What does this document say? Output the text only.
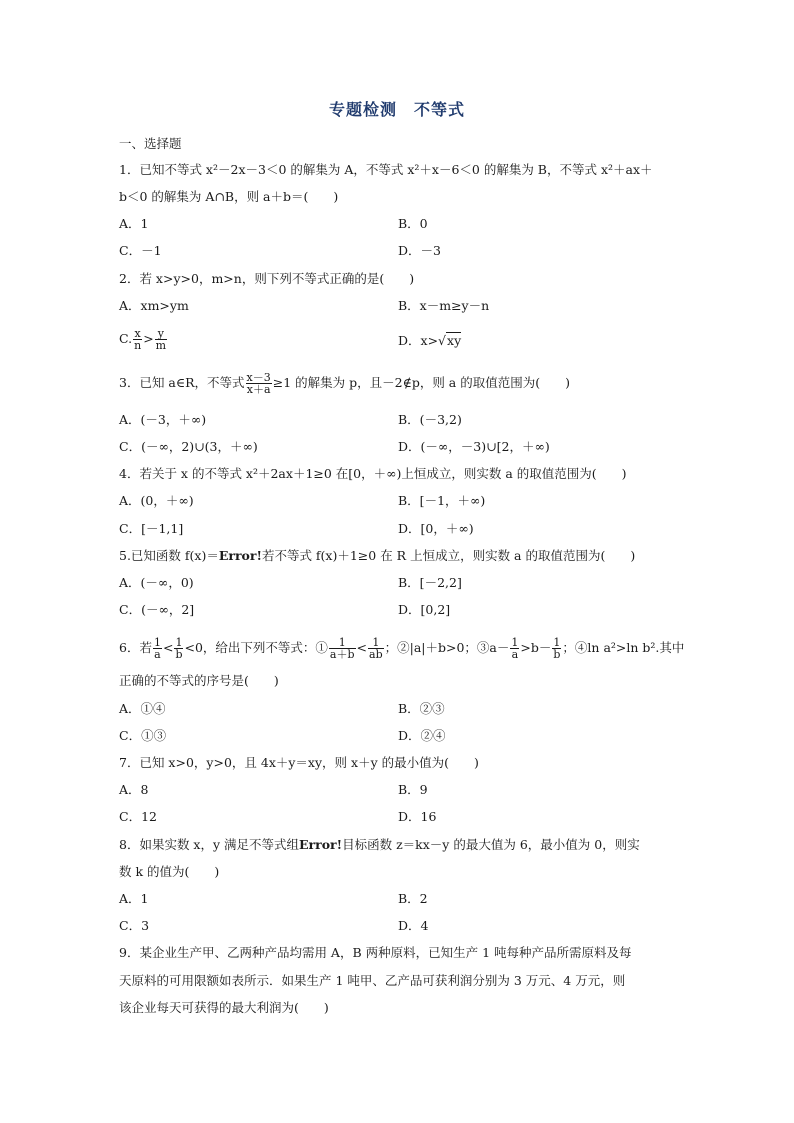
专题检测　不等式
一、选择题
1．已知不等式 x²－2x－3＜0 的解集为 A，不等式 x²＋x－6＜0 的解集为 B，不等式 x²＋ax＋
b＜0 的解集为 A∩B，则 a＋b＝(　　)
A．1	B．0
C．－1	D．－3
2．若 x>y>0，m>n，则下列不等式正确的是(　　)
A．xm>ym	B．x－m≥y－n
C. $\frac{x}{n} > \frac{y}{m}$	D．x>√xy
3．已知 a∈R，不等式 $\frac{x-3}{x+a} \ge 1$ 的解集为 p，且－2∉p，则 a 的取值范围为(　　)
A．(－3，＋∞)	B．(－3,2)
C．(－∞，2)∪(3，＋∞)	D．(－∞，－3)∪[2，＋∞)
4．若关于 x 的不等式 x²＋2ax＋1≥0 在[0，＋∞)上恒成立，则实数 a 的取值范围为(　　)
A．(0，＋∞)	B．[－1，＋∞)
C．[－1,1]	D．[0，＋∞)
5.已知函数 f(x)＝Error!若不等式 f(x)＋1≥0 在 R 上恒成立，则实数 a 的取值范围为(　　)
A．(－∞，0)	B．[－2,2]
C．(－∞，2]	D．[0,2]
6．若 $\frac{1}{a} < \frac{1}{b} <0$，给出下列不等式：① $\frac{1}{a+b} < \frac{1}{ab}$ ；②|a|＋b>0；③a－ $\frac{1}{a} >b- \frac{1}{b}$ ；④ln a²>ln b².其中
正确的不等式的序号是(　　)
A．①④	B．②③
C．①③	D．②④
7．已知 x>0，y>0，且 4x＋y＝xy，则 x＋y 的最小值为(　　)
A．8	B．9
C．12	D．16
8．如果实数 x，y 满足不等式组Error!目标函数 z＝kx－y 的最大值为 6，最小值为 0，则实
数 k 的值为(　　)
A．1	B．2
C．3	D．4
9．某企业生产甲、乙两种产品均需用 A，B 两种原料，已知生产 1 吨每种产品所需原料及每
天原料的可用限额如表所示．如果生产 1 吨甲、乙产品可获利润分别为 3 万元、4 万元，则
该企业每天可获得的最大利润为(　　)
